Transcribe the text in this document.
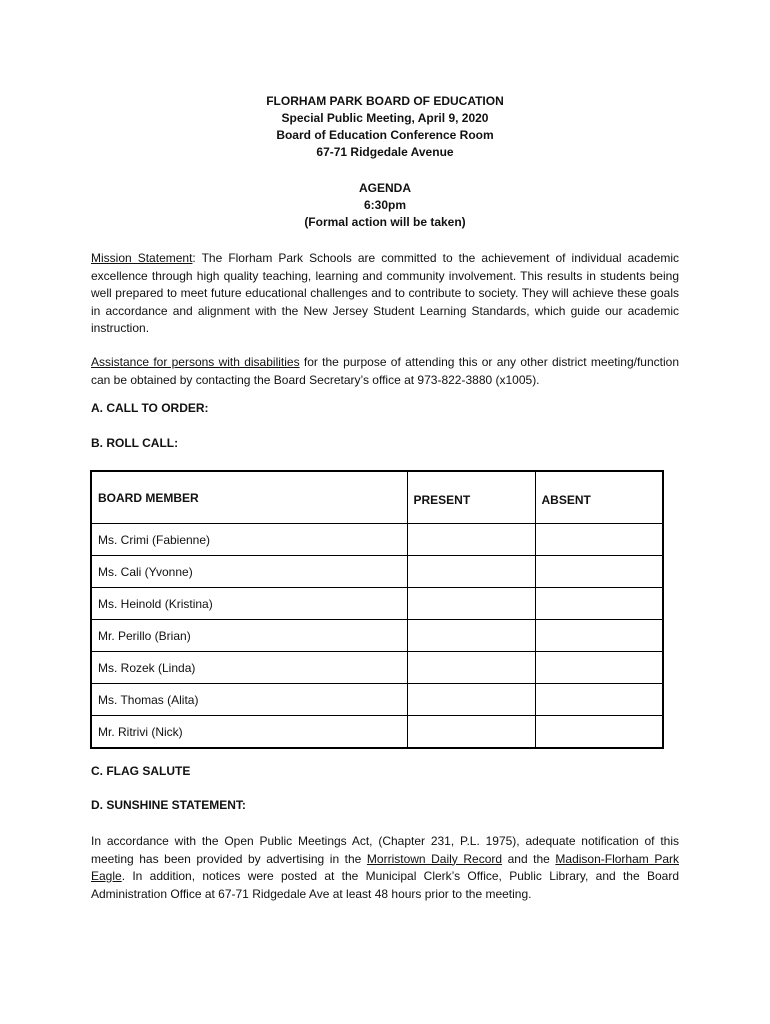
FLORHAM PARK BOARD OF EDUCATION
Special Public Meeting, April 9, 2020
Board of Education Conference Room
67-71 Ridgedale Avenue
AGENDA
6:30pm
(Formal action will be taken)
Mission Statement: The Florham Park Schools are committed to the achievement of individual academic excellence through high quality teaching, learning and community involvement. This results in students being well prepared to meet future educational challenges and to contribute to society. They will achieve these goals in accordance and alignment with the New Jersey Student Learning Standards, which guide our academic instruction.
Assistance for persons with disabilities for the purpose of attending this or any other district meeting/function can be obtained by contacting the Board Secretary’s office at 973-822-3880 (x1005).
A. CALL TO ORDER:
B. ROLL CALL:
BOARD MEMBER	PRESENT	ABSENT
Ms. Crimi (Fabienne)		
Ms. Cali (Yvonne)		
Ms. Heinold (Kristina)		
Mr. Perillo (Brian)		
Ms. Rozek (Linda)		
Ms. Thomas (Alita)		
Mr. Ritrivi (Nick)		
C. FLAG SALUTE
D. SUNSHINE STATEMENT:
In accordance with the Open Public Meetings Act, (Chapter 231, P.L. 1975), adequate notification of this meeting has been provided by advertising in the Morristown Daily Record and the Madison-Florham Park Eagle. In addition, notices were posted at the Municipal Clerk’s Office, Public Library, and the Board Administration Office at 67-71 Ridgedale Ave at least 48 hours prior to the meeting.
